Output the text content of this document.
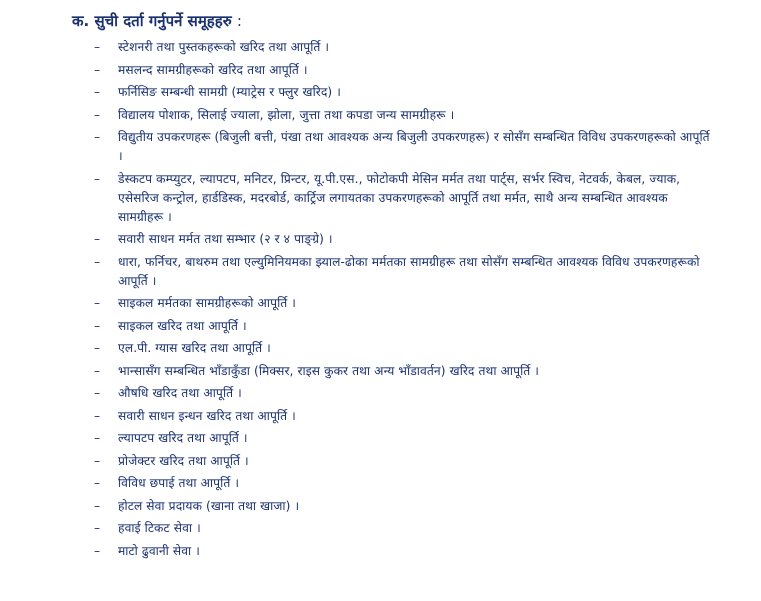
क. सुची दर्ता गर्नुपर्ने समूहहरु :
–	स्टेशनरी तथा पुस्तकहरूको खरिद तथा आपूर्ति ।
–	मसलन्द सामग्रीहरूको खरिद तथा आपूर्ति ।
–	फर्निसिङ सम्बन्धी सामग्री (म्याट्रेस र फ्लुर खरिद) ।
–	विद्यालय पोशाक, सिलाई ज्याला, झोला, जुत्ता तथा कपडा जन्य सामग्रीहरू ।
–	विद्युतीय उपकरणहरू (बिजुली बत्ती, पंखा तथा आवश्यक अन्य बिजुली उपकरणहरू) र सोसँग सम्बन्धित विविध उपकरणहरूको आपूर्ति ।
–	डेस्कटप कम्प्युटर, ल्यापटप, मनिटर, प्रिन्टर, यू.पी.एस., फोटोकपी मेसिन मर्मत तथा पार्ट्स, सर्भर स्विच, नेटवर्क, केबल, ज्याक, एसेसरिज कन्ट्रोल, हार्डडिस्क, मदरबोर्ड, कार्ट्रिज लगायतका उपकरणहरूको आपूर्ति तथा मर्मत, साथै अन्य सम्बन्धित आवश्यक सामग्रीहरू ।
–	सवारी साधन मर्मत तथा सम्भार (२ र ४ पाङ्ग्रे) ।
–	धारा, फर्निचर, बाथरुम तथा एल्युमिनियमका झ्याल-ढोका मर्मतका सामग्रीहरू तथा सोसँग सम्बन्धित आवश्यक विविध उपकरणहरूको आपूर्ति ।
–	साइकल मर्मतका सामग्रीहरूको आपूर्ति ।
–	साइकल खरिद तथा आपूर्ति ।
–	एल.पी. ग्यास खरिद तथा आपूर्ति ।
–	भान्सासँग सम्बन्धित भाँडाकुँडा (मिक्सर, राइस कुकर तथा अन्य भाँडावर्तन) खरिद तथा आपूर्ति ।
–	औषधि खरिद तथा आपूर्ति ।
–	सवारी साधन इन्धन खरिद तथा आपूर्ति ।
–	ल्यापटप खरिद तथा आपूर्ति ।
–	प्रोजेक्टर खरिद तथा आपूर्ति ।
–	विविध छपाई तथा आपूर्ति ।
–	होटल सेवा प्रदायक (खाना तथा खाजा) ।
–	हवाई टिकट सेवा ।
–	माटो ढुवानी सेवा ।
